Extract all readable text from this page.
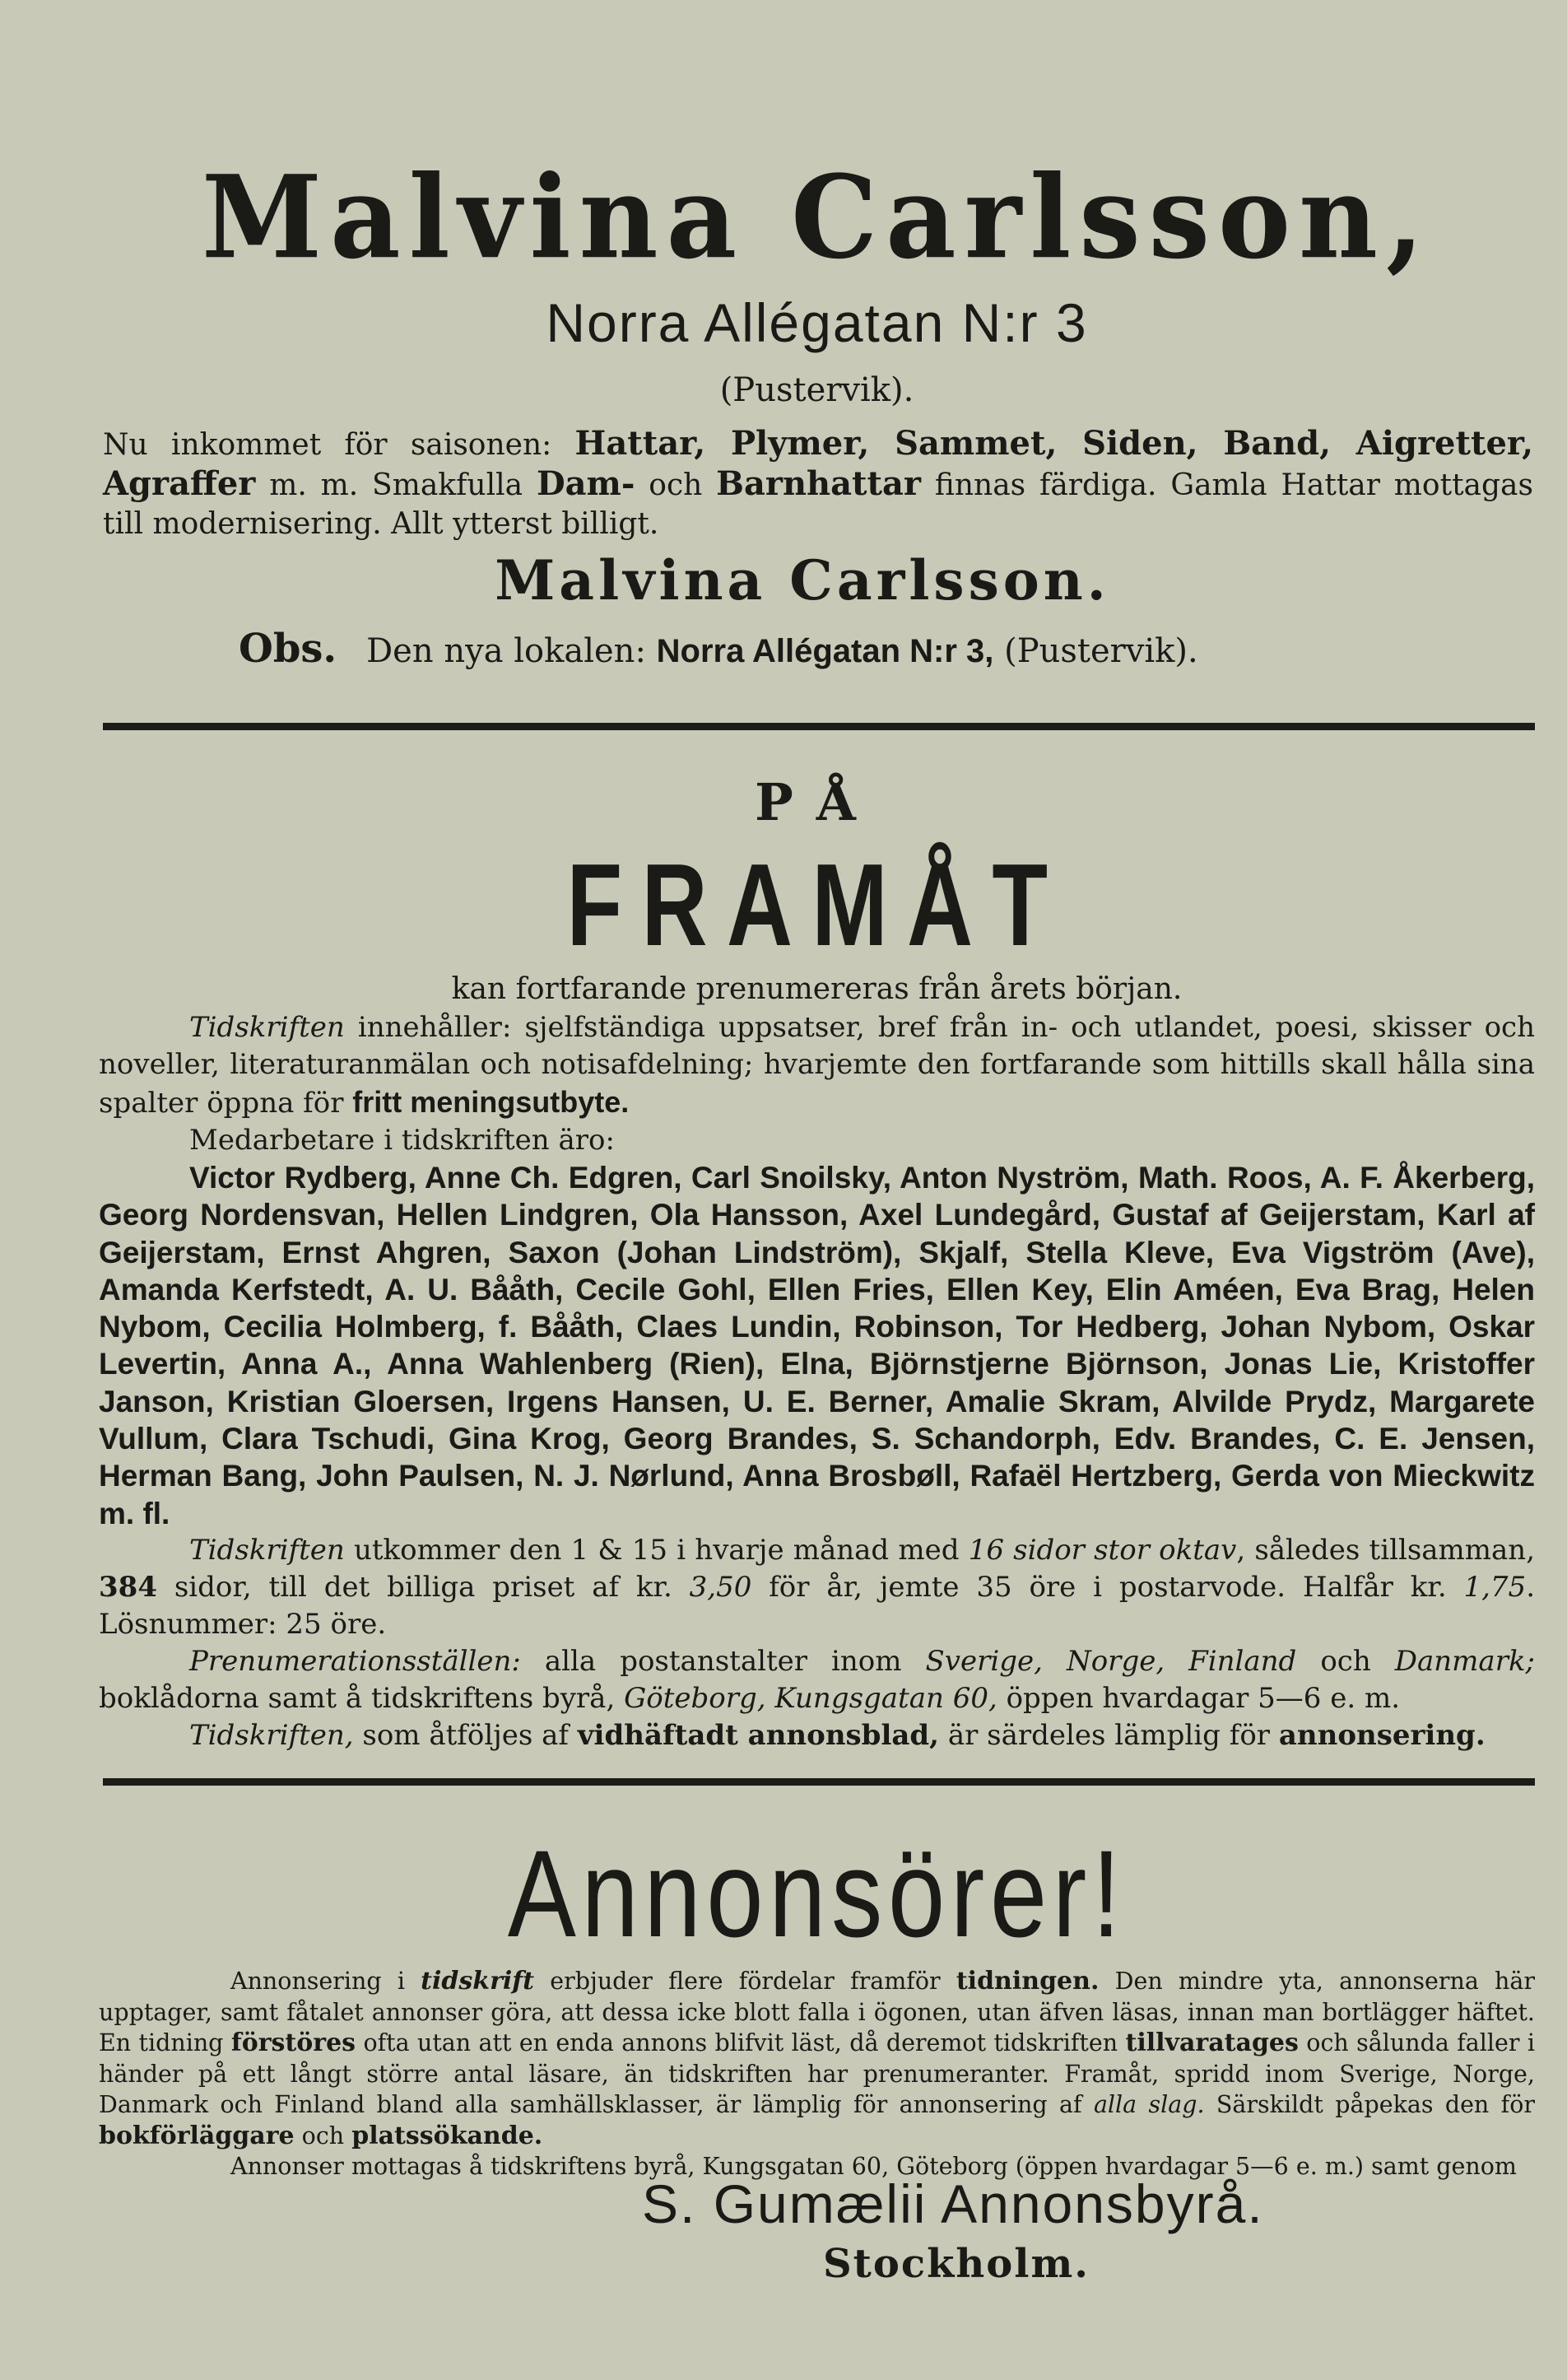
Malvina Carlsson,
Norra Allégatan N:r 3
(Pustervik).
Nu inkommet för saisonen: Hattar, Plymer, Sammet, Siden, Band, Aigretter, Agraffer m. m. Smakfulla Dam- och Barnhattar finnas färdiga. Gamla Hattar mottagas till modernisering. Allt ytterst billigt.
Malvina Carlsson.
Obs. Den nya lokalen: Norra Allégatan N:r 3, (Pustervik).
PÅ
FRAMÅT
kan fortfarande prenumereras från årets början.

Tidskriften innehåller: sjelfständiga uppsatser, bref från in- och utlandet, poesi, skisser och noveller, literaturanmälan och notisafdelning; hvarjemte den fortfarande som hittills skall hålla sina spalter öppna för fritt meningsutbyte.

Medarbetare i tidskriften äro:

Victor Rydberg, Anne Ch. Edgren, Carl Snoilsky, Anton Nyström, Math. Roos, A. F. Åkerberg, Georg Nordensvan, Hellen Lindgren, Ola Hansson, Axel Lundegård, Gustaf af Geijerstam, Karl af Geijerstam, Ernst Ahgren, Saxon (Johan Lindström), Skjalf, Stella Kleve, Eva Vigström (Ave), Amanda Kerfstedt, A. U. Bååth, Cecile Gohl, Ellen Fries, Ellen Key, Elin Améen, Eva Brag, Helen Nybom, Cecilia Holmberg, f. Bååth, Claes Lundin, Robinson, Tor Hedberg, Johan Nybom, Oskar Levertin, Anna A., Anna Wahlenberg (Rien), Elna, Björnstjerne Björnson, Jonas Lie, Kristoffer Janson, Kristian Gloersen, Irgens Hansen, U. E. Berner, Amalie Skram, Alvilde Prydz, Margarete Vullum, Clara Tschudi, Gina Krog, Georg Brandes, S. Schandorph, Edv. Brandes, C. E. Jensen, Herman Bang, John Paulsen, N. J. Nørlund, Anna Brosbøll, Rafaël Hertzberg, Gerda von Mieckwitz m. fl.

Tidskriften utkommer den 1 & 15 i hvarje månad med 16 sidor stor oktav, således tillsamman, 384 sidor, till det billiga priset af kr. 3,50 för år, jemte 35 öre i postarvode. Halfår kr. 1,75. Lösnummer: 25 öre.

Prenumerationsställen: alla postanstalter inom Sverige, Norge, Finland och Danmark; boklådorna samt å tidskriftens byrå, Göteborg, Kungsgatan 60, öppen hvardagar 5—6 e. m.

Tidskriften, som åtföljes af vidhäftadt annonsblad, är särdeles lämplig för annonsering.

Annonsörer!

Annonsering i tidskrift erbjuder flere fördelar framför tidningen. Den mindre yta, annonserna här upptager, samt fåtalet annonser göra, att dessa icke blott falla i ögonen, utan äfven läsas, innan man bortlägger häftet. En tidning förstöres ofta utan att en enda annons blifvit läst, då deremot tidskriften tillvaratages och sålunda faller i händer på ett långt större antal läsare, än tidskriften har prenumeranter. Framåt, spridd inom Sverige, Norge, Danmark och Finland bland alla samhällsklasser, är lämplig för annonsering af alla slag. Särskildt påpekas den för bokförläggare och platssökande.

Annonser mottagas å tidskriftens byrå, Kungsgatan 60, Göteborg (öppen hvardagar 5—6 e. m.) samt genom

S. Gumælii Annonsbyrå.
Stockholm.
